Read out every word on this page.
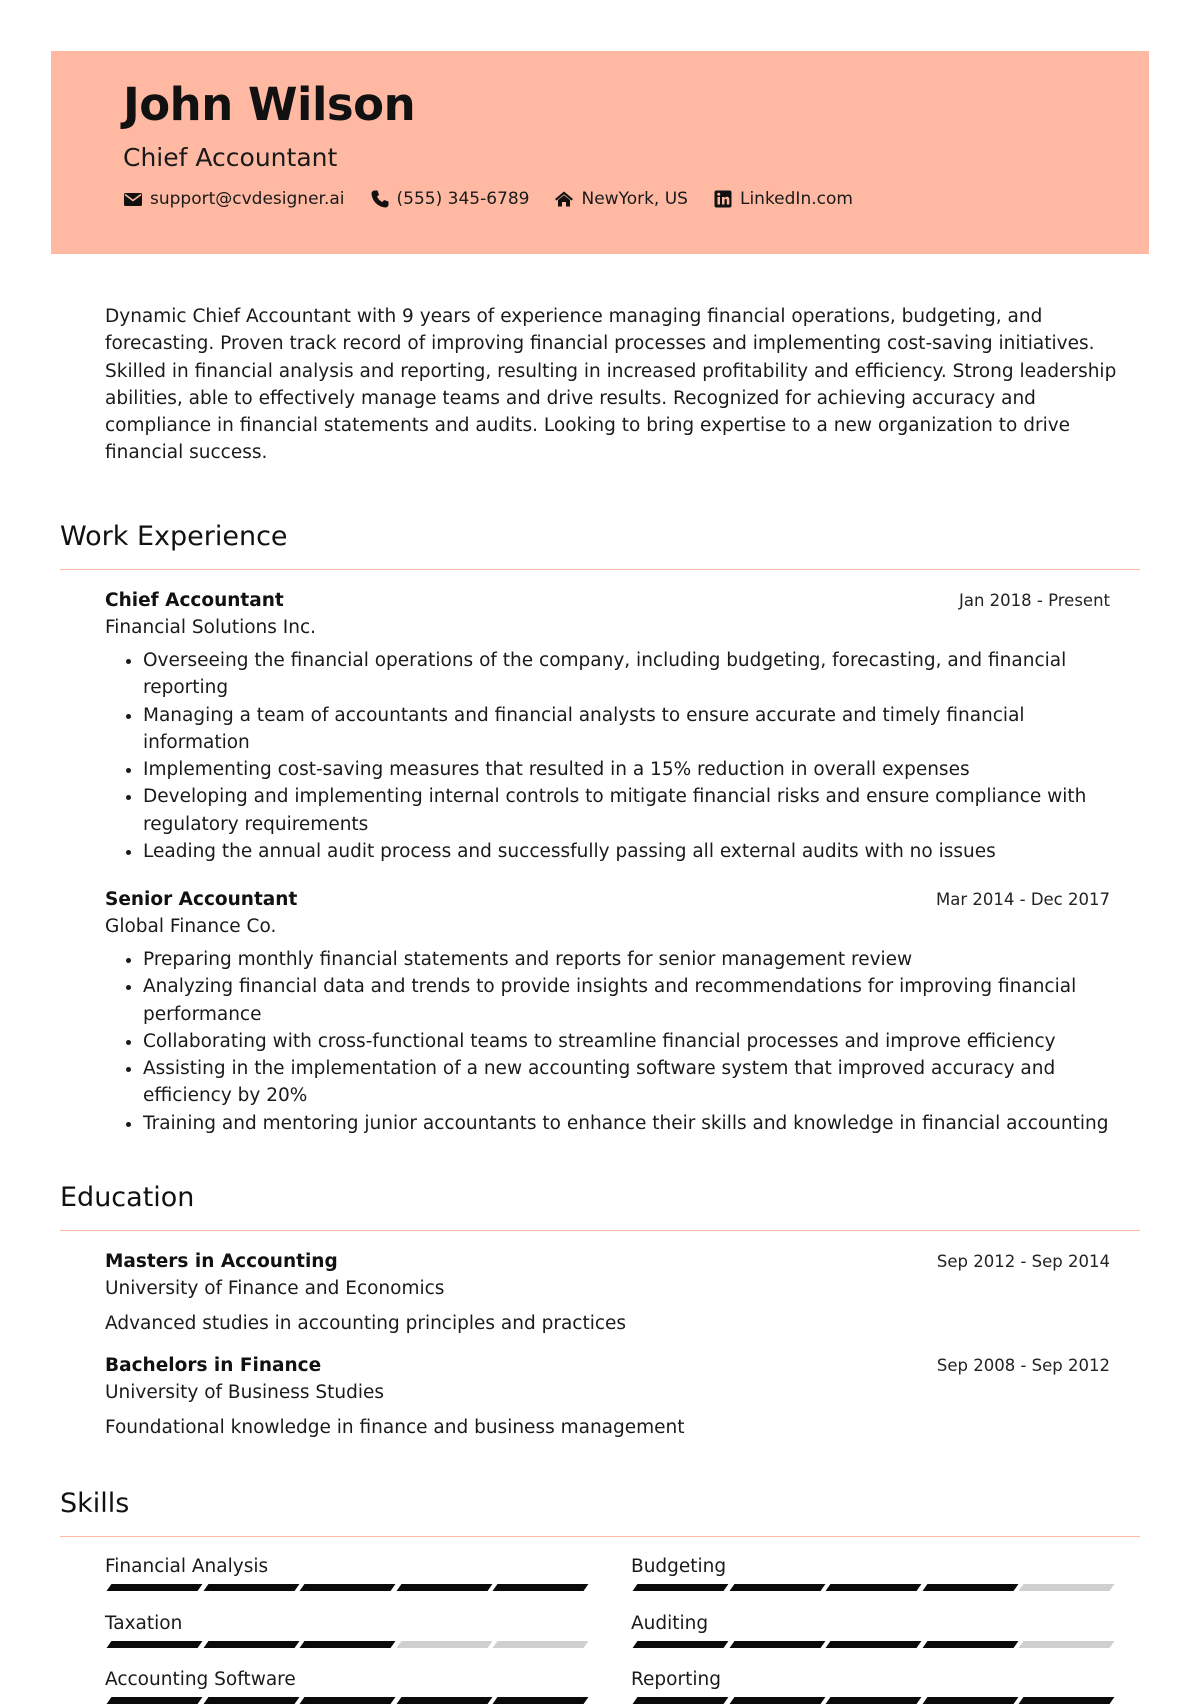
John Wilson
Chief Accountant
support@cvdesigner.ai	(555) 345-6789	NewYork, US	LinkedIn.com

Dynamic Chief Accountant with 9 years of experience managing financial operations, budgeting, and forecasting. Proven track record of improving financial processes and implementing cost-saving initiatives. Skilled in financial analysis and reporting, resulting in increased profitability and efficiency. Strong leadership abilities, able to effectively manage teams and drive results. Recognized for achieving accuracy and compliance in financial statements and audits. Looking to bring expertise to a new organization to drive financial success.

Work Experience
Chief Accountant	Jan 2018 - Present
Financial Solutions Inc.
• Overseeing the financial operations of the company, including budgeting, forecasting, and financial reporting
• Managing a team of accountants and financial analysts to ensure accurate and timely financial information
• Implementing cost-saving measures that resulted in a 15% reduction in overall expenses
• Developing and implementing internal controls to mitigate financial risks and ensure compliance with regulatory requirements
• Leading the annual audit process and successfully passing all external audits with no issues
Senior Accountant	Mar 2014 - Dec 2017
Global Finance Co.
• Preparing monthly financial statements and reports for senior management review
• Analyzing financial data and trends to provide insights and recommendations for improving financial performance
• Collaborating with cross-functional teams to streamline financial processes and improve efficiency
• Assisting in the implementation of a new accounting software system that improved accuracy and efficiency by 20%
• Training and mentoring junior accountants to enhance their skills and knowledge in financial accounting
Education
Masters in Accounting	Sep 2012 - Sep 2014
University of Finance and Economics
Advanced studies in accounting principles and practices
Bachelors in Finance	Sep 2008 - Sep 2012
University of Business Studies
Foundational knowledge in finance and business management
Skills
Financial Analysis	Budgeting
Taxation	Auditing
Accounting Software	Reporting
